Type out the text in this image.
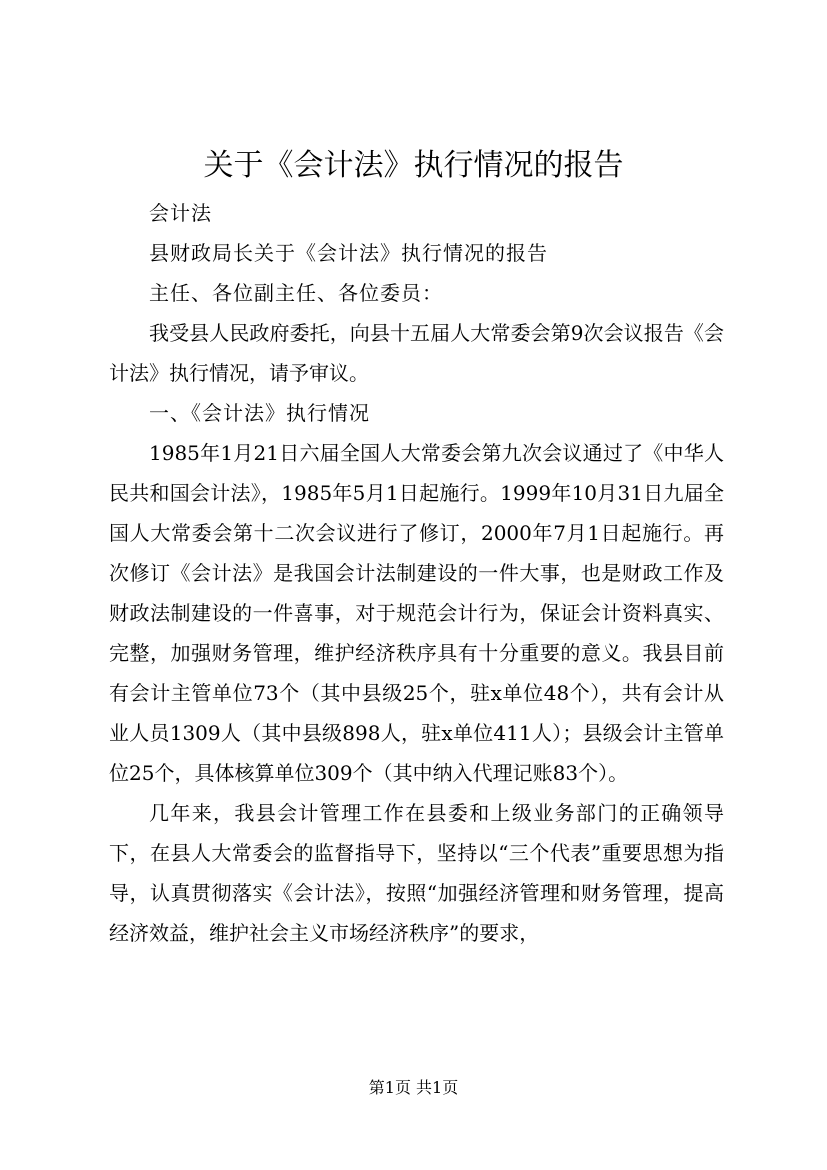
关于《会计法》执行情况的报告

会计法

县财政局长关于《会计法》执行情况的报告

主任、各位副主任、各位委员：

我受县人民政府委托，向县十五届人大常委会第9次会议报告《会计法》执行情况，请予审议。

一、《会计法》执行情况

1985年1月21日六届全国人大常委会第九次会议通过了《中华人民共和国会计法》，1985年5月1日起施行。1999年10月31日九届全国人大常委会第十二次会议进行了修订，2000年7月1日起施行。再次修订《会计法》是我国会计法制建设的一件大事，也是财政工作及财政法制建设的一件喜事，对于规范会计行为，保证会计资料真实、完整，加强财务管理，维护经济秩序具有十分重要的意义。我县目前有会计主管单位73个（其中县级25个，驻x单位48个），共有会计从业人员1309人（其中县级898人，驻x单位411人）；县级会计主管单位25个，具体核算单位309个（其中纳入代理记账83个）。

几年来，我县会计管理工作在县委和上级业务部门的正确领导下，在县人大常委会的监督指导下，坚持以“三个代表”重要思想为指导，认真贯彻落实《会计法》，按照“加强经济管理和财务管理，提高经济效益，维护社会主义市场经济秩序”的要求，

第1页 共1页
